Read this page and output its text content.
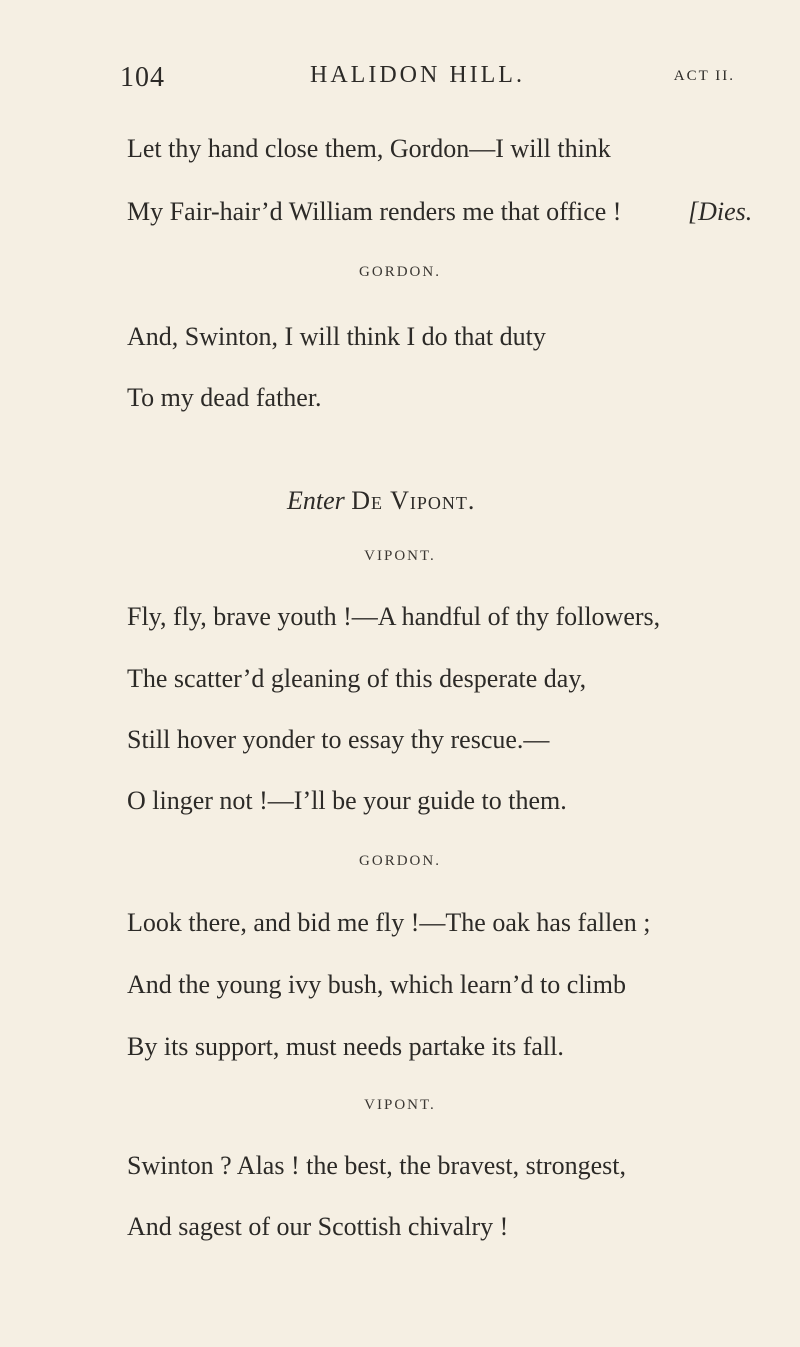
104	HALIDON HILL.	ACT II.
Let thy hand close them, Gordon—I will think
My Fair-hair’d William renders me that office !	[Dies.
GORDON.
And, Swinton, I will think I do that duty
To my dead father.
Enter De Vipont.
VIPONT.
Fly, fly, brave youth !—A handful of thy followers,
The scatter’d gleaning of this desperate day,
Still hover yonder to essay thy rescue.—
O linger not !—I’ll be your guide to them.
GORDON.
Look there, and bid me fly !—The oak has fallen ;
And the young ivy bush, which learn’d to climb
By its support, must needs partake its fall.
VIPONT.
Swinton ? Alas ! the best, the bravest, strongest,
And sagest of our Scottish chivalry !
